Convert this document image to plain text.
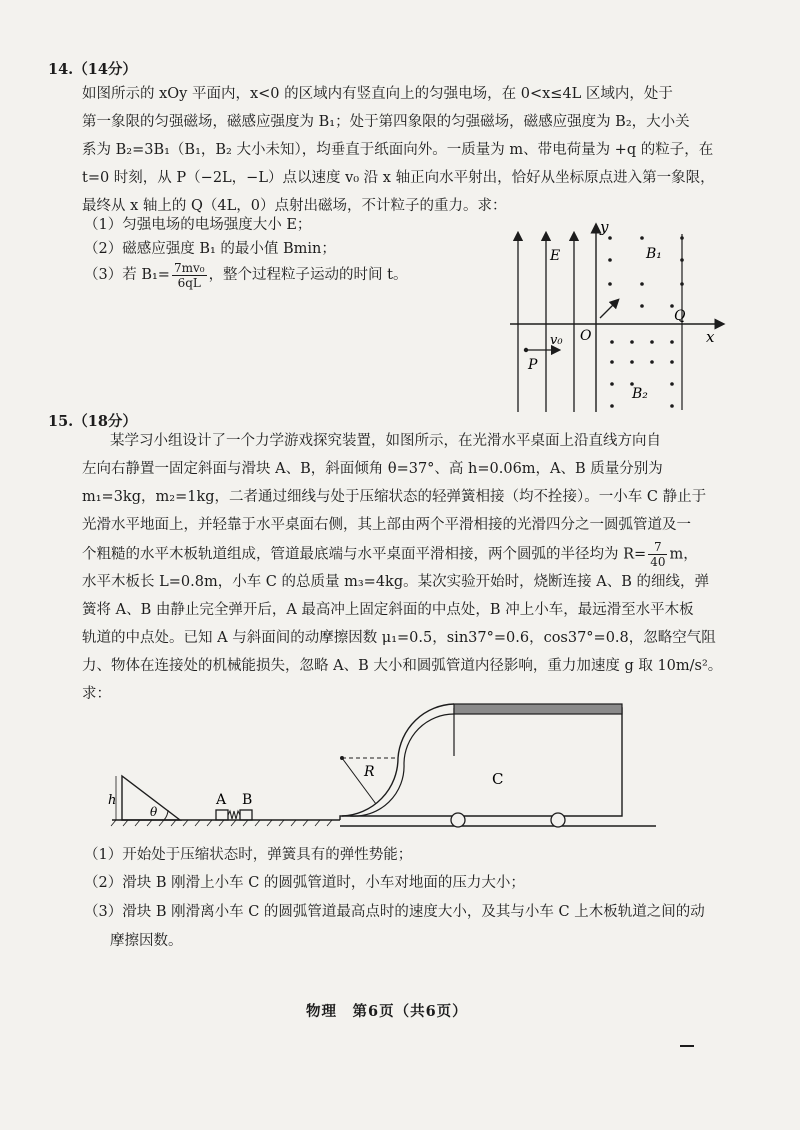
14.（14分）
如图所示的 xOy 平面内，x<0 的区域内有竖直向上的匀强电场，在 0<x≤4L 区域内，处于
第一象限的匀强磁场，磁感应强度为 B₁；处于第四象限的匀强磁场，磁感应强度为 B₂，大小关
系为 B₂=3B₁（B₁，B₂ 大小未知），均垂直于纸面向外。一质量为 m、带电荷量为 +q 的粒子，在
t=0 时刻，从 P（−2L，−L）点以速度 v₀ 沿 x 轴正向水平射出，恰好从坐标原点进入第一象限，
最终从 x 轴上的 Q（4L，0）点射出磁场，不计粒子的重力。求：
（1）匀强电场的电场强度大小 E；
（2）磁感应强度 B₁ 的最小值 Bmin；
（3）若 $B_1= \frac{\text{7mv₀}}{6qL}$ ，整个过程粒子运动的时间 t。
y
x
E	B₁
B₂
O
Q
P
v₀
15.（18分）
某学习小组设计了一个力学游戏探究装置，如图所示，在光滑水平桌面上沿直线方向自
左向右静置一固定斜面与滑块 A、B，斜面倾角 θ=37°、高 h=0.06m，A、B 质量分别为
m₁=3kg，m₂=1kg，二者通过细线与处于压缩状态的轻弹簧相接（均不拴接）。一小车 C 静止于
光滑水平地面上，并轻靠于水平桌面右侧，其上部由两个平滑相接的光滑四分之一圆弧管道及一
个粗糙的水平木板轨道组成，管道最底端与水平桌面平滑相接，两个圆弧的半径均为 $R= \frac{7}{40}$ m，
水平木板长 L=0.8m，小车 C 的总质量 m₃=4kg。某次实验开始时，烧断连接 A、B 的细线，弹
簧将 A、B 由静止完全弹开后，A 最高冲上固定斜面的中点处，B 冲上小车，最远滑至水平木板
轨道的中点处。已知 A 与斜面间的动摩擦因数 μ₁=0.5，sin37°=0.6，cos37°=0.8，忽略空气阻
力、物体在连接处的机械能损失，忽略 A、B 大小和圆弧管道内径影响，重力加速度 g 取 10m/s²。
求：
h
θ
A B
R	C
（1）开始处于压缩状态时，弹簧具有的弹性势能；
（2）滑块 B 刚滑上小车 C 的圆弧管道时，小车对地面的压力大小；
（3）滑块 B 刚滑离小车 C 的圆弧管道最高点时的速度大小，及其与小车 C 上木板轨道之间的动
摩擦因数。
物理　第6页（共6页）
